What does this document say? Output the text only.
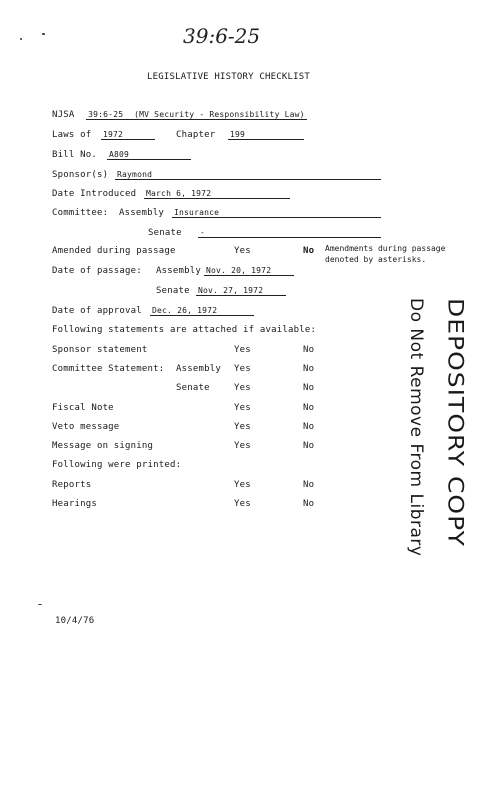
39:6-25
LEGISLATIVE HISTORY CHECKLIST
NJSA 39:6-25 (MV Security - Responsibility Law)
Laws of 1972	Chapter 199
Bill No. A809
Sponsor(s) Raymond
Date Introduced March 6, 1972
Committee: Assembly Insurance
Senate -
Amended during passage	Yes	No Amendments during passage
denoted by asterisks.
Date of passage: Assembly Nov. 20, 1972
Senate Nov. 27, 1972
Date of approval Dec. 26, 1972
Following statements are attached if available:
Sponsor statement	Yes	No
Committee Statement: Assembly Yes	No
Senate	Yes	No
Fiscal Note	Yes	No
Veto message	Yes	No
Message on signing	Yes	No
Following were printed:
Reports	Yes	No
Hearings	Yes	No
10/4/76
DEPOSITORY COPY
Do Not Remove From Library
